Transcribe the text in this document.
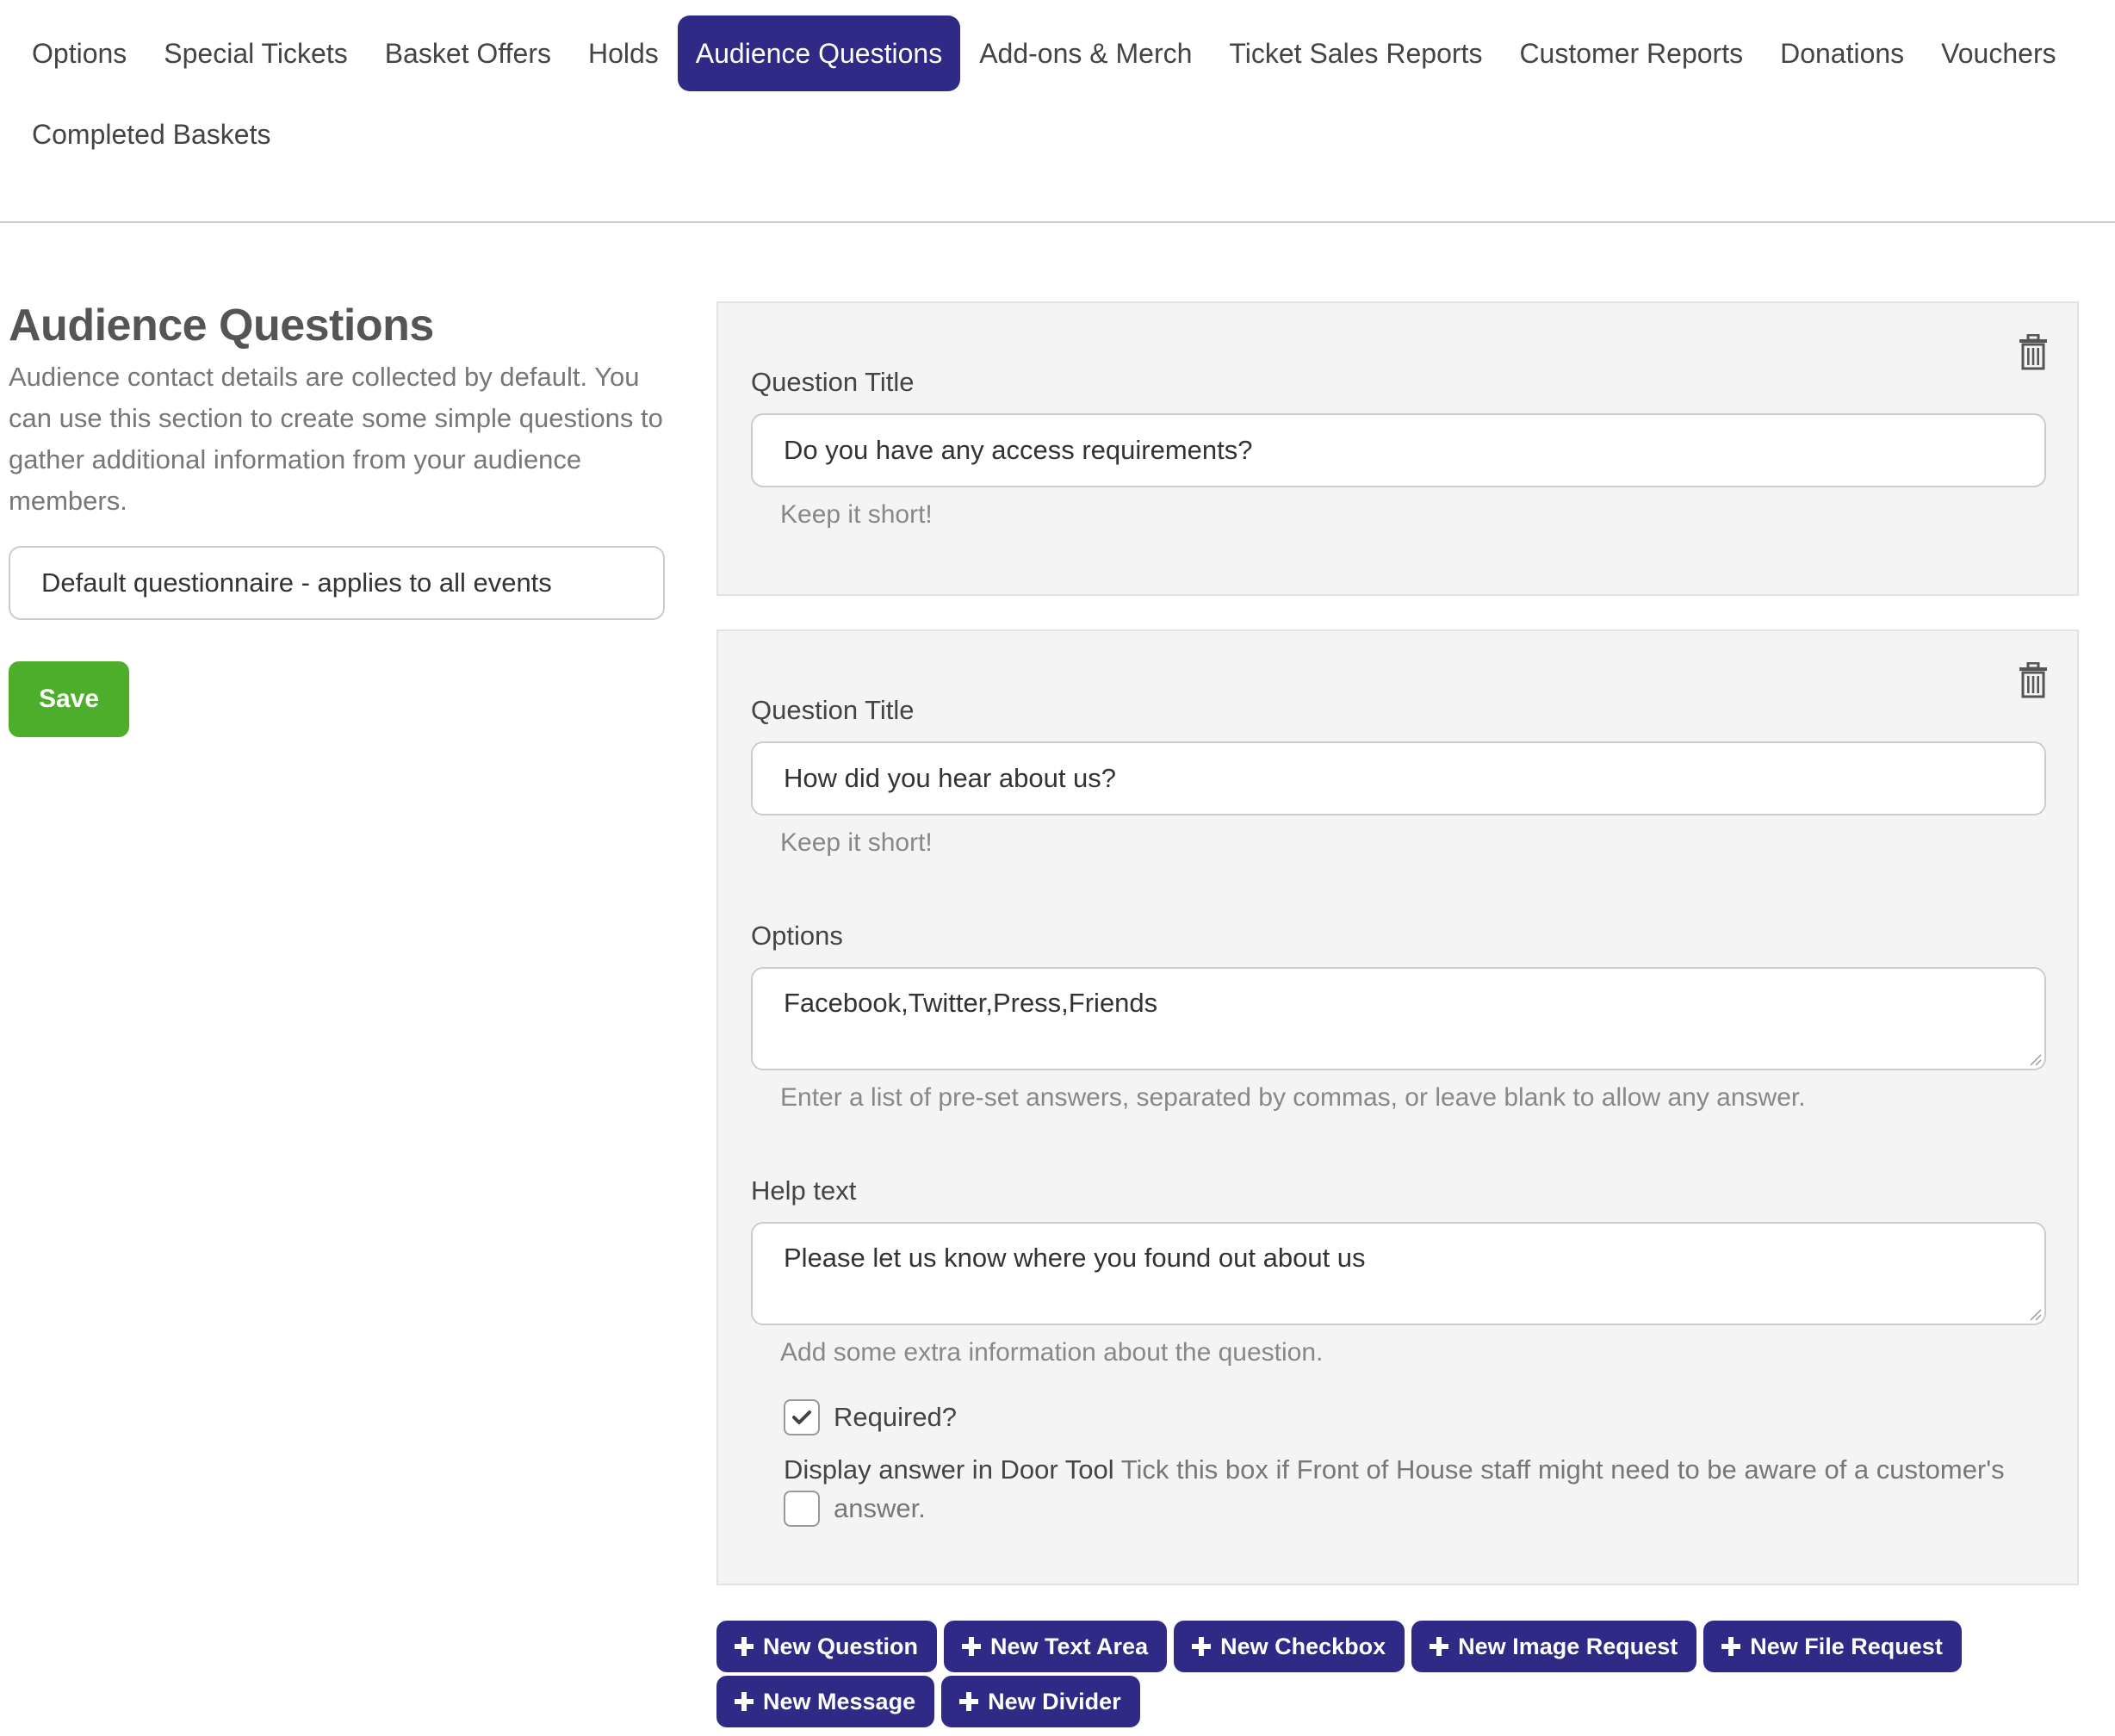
Options	Special Tickets	Basket Offers	Holds	Audience Questions	Add-ons & Merch	Ticket Sales Reports	Customer Reports	Donations	Vouchers
Completed Baskets
Audience Questions

Audience contact details are collected by default. You can use this section to create some simple questions to gather additional information from your audience members.

Default questionnaire - applies to all events
Save
Question Title
Do you have any access requirements?
Keep it short!
Question Title
How did you hear about us?
Keep it short!
Options
Facebook,Twitter,Press,Friends
Enter a list of pre-set answers, separated by commas, or leave blank to allow any answer.
Help text
Please let us know where you found out about us
Add some extra information about the question.
Required?
Display answer in Door Tool Tick this box if Front of House staff might need to be aware of a customer's
answer.
New Question	New Text Area	New Checkbox	New Image Request	New File Request
New Message	New Divider
